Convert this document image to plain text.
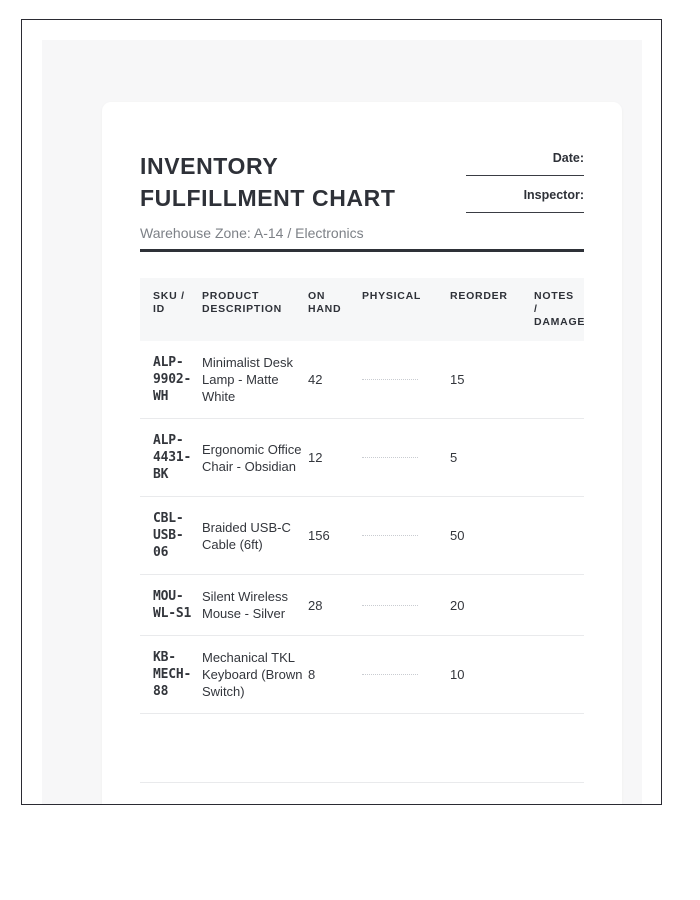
INVENTORY
FULFILLMENT CHART

Warehouse Zone: A-14 / Electronics

Date:
Inspector:
SKU / ID	PRODUCT DESCRIPTION	ON HAND	PHYSICAL	REORDER	NOTES / DAMAGE
ALP-9902-WH	Minimalist Desk Lamp - Matte White	42		15	
ALP-4431-BK	Ergonomic Office Chair - Obsidian	12		5	
CBL-USB-06	Braided USB-C Cable (6ft)	156		50	
MOU-WL-S1	Silent Wireless Mouse - Silver	28		20	
KB-MECH-88	Mechanical TKL Keyboard (Brown Switch)	8		10	
